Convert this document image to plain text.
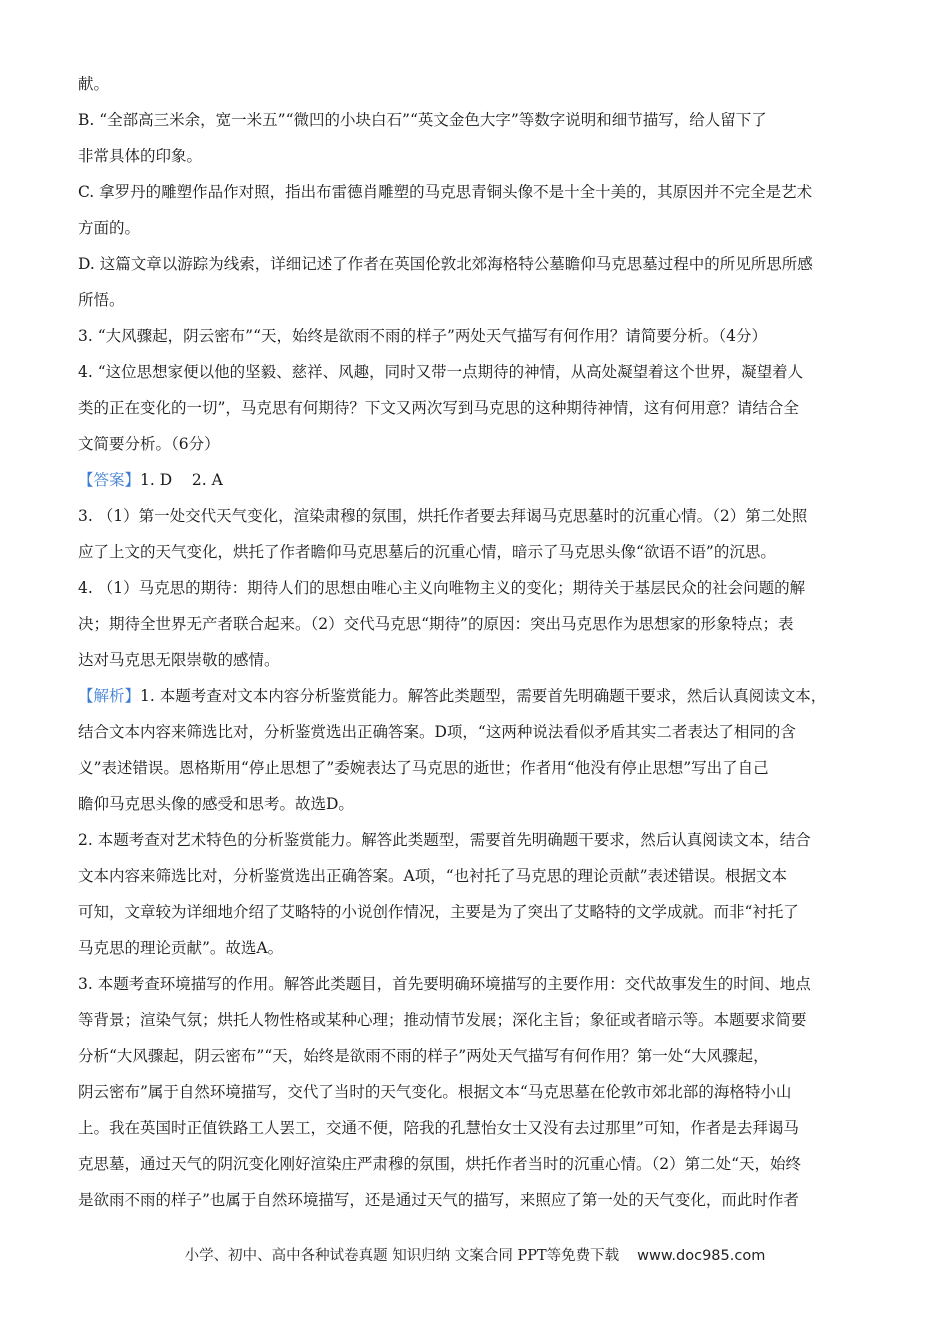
献。
B. “全部高三米余，宽一米五”“微凹的小块白石”“英文金色大字”等数字说明和细节描写，给人留下了
非常具体的印象。
C. 拿罗丹的雕塑作品作对照，指出布雷德肖雕塑的马克思青铜头像不是十全十美的，其原因并不完全是艺术
方面的。
D. 这篇文章以游踪为线索，详细记述了作者在英国伦敦北郊海格特公墓瞻仰马克思墓过程中的所见所思所感
所悟。
3. “大风骤起，阴云密布”“天，始终是欲雨不雨的样子”两处天气描写有何作用？请简要分析。（4分）
4. “这位思想家便以他的坚毅、慈祥、风趣，同时又带一点期待的神情，从高处凝望着这个世界，凝望着人
类的正在变化的一切”，马克思有何期待？下文又两次写到马克思的这种期待神情，这有何用意？请结合全
文简要分析。（6分）
【答案】1. D    2. A
3. （1）第一处交代天气变化，渲染肃穆的氛围，烘托作者要去拜谒马克思墓时的沉重心情。（2）第二处照
应了上文的天气变化，烘托了作者瞻仰马克思墓后的沉重心情，暗示了马克思头像“欲语不语”的沉思。
4. （1）马克思的期待：期待人们的思想由唯心主义向唯物主义的变化；期待关于基层民众的社会问题的解
决；期待全世界无产者联合起来。（2）交代马克思“期待”的原因：突出马克思作为思想家的形象特点；表
达对马克思无限崇敬的感情。
【解析】1. 本题考查对文本内容分析鉴赏能力。解答此类题型，需要首先明确题干要求，然后认真阅读文本，
结合文本内容来筛选比对，分析鉴赏选出正确答案。D项，“这两种说法看似矛盾其实二者表达了相同的含
义”表述错误。恩格斯用“停止思想了”委婉表达了马克思的逝世；作者用“他没有停止思想”写出了自己
瞻仰马克思头像的感受和思考。故选D。
2. 本题考查对艺术特色的分析鉴赏能力。解答此类题型，需要首先明确题干要求，然后认真阅读文本，结合
文本内容来筛选比对，分析鉴赏选出正确答案。A项，“也衬托了马克思的理论贡献”表述错误。根据文本
可知，文章较为详细地介绍了艾略特的小说创作情况，主要是为了突出了艾略特的文学成就。而非“衬托了
马克思的理论贡献”。故选A。
3. 本题考查环境描写的作用。解答此类题目，首先要明确环境描写的主要作用：交代故事发生的时间、地点
等背景；渲染气氛；烘托人物性格或某种心理；推动情节发展；深化主旨；象征或者暗示等。本题要求简要
分析“大风骤起，阴云密布”“天，始终是欲雨不雨的样子”两处天气描写有何作用？第一处“大风骤起，
阴云密布”属于自然环境描写，交代了当时的天气变化。根据文本“马克思墓在伦敦市郊北部的海格特小山
上。我在英国时正值铁路工人罢工，交通不便，陪我的孔慧怡女士又没有去过那里”可知，作者是去拜谒马
克思墓，通过天气的阴沉变化刚好渲染庄严肃穆的氛围，烘托作者当时的沉重心情。（2）第二处“天，始终
是欲雨不雨的样子”也属于自然环境描写，还是通过天气的描写，来照应了第一处的天气变化，而此时作者
小学、初中、高中各种试卷真题 知识归纳 文案合同 PPT等免费下载 www.doc985.com
